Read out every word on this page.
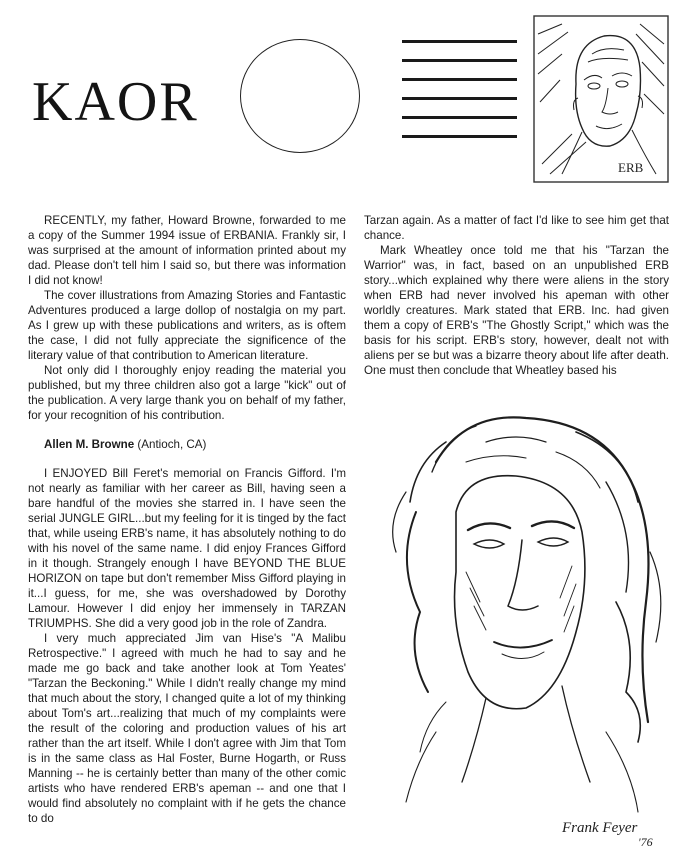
KAOR
ERB

RECENTLY, my father, Howard Browne, forwarded to me a copy of the Summer 1994 issue of ERBANIA. Frankly sir, I was surprised at the amount of information printed about my dad. Please don't tell him I said so, but there was information I did not know!

The cover illustrations from Amazing Stories and Fantastic Adventures produced a large dollop of nostalgia on my part. As I grew up with these publications and writers, as is oftem the case, I did not fully appreciate the significence of the literary value of that contribution to American literature.

Not only did I thoroughly enjoy reading the material you published, but my three children also got a large "kick" out of the publication. A very large thank you on behalf of my father, for your recognition of his contribution.

Allen M. Browne (Antioch, CA)

I ENJOYED Bill Feret's memorial on Francis Gifford. I'm not nearly as familiar with her career as Bill, having seen a bare handful of the movies she starred in. I have seen the serial JUNGLE GIRL...but my feeling for it is tinged by the fact that, while useing ERB's name, it has absolutely nothing to do with his novel of the same name. I did enjoy Frances Gifford in it though. Strangely enough I have BEYOND THE BLUE HORIZON on tape but don't remember Miss Gifford playing in it...I guess, for me, she was overshadowed by Dorothy Lamour. However I did enjoy her immensely in TARZAN TRIUMPHS. She did a very good job in the role of Zandra.

I very much appreciated Jim van Hise's "A Malibu Retrospective." I agreed with much he had to say and he made me go back and take another look at Tom Yeates' "Tarzan the Beckoning." While I didn't really change my mind that much about the story, I changed quite a lot of my thinking about Tom's art...realizing that much of my complaints were the result of the coloring and production values of his art rather than the art itself. While I don't agree with Jim that Tom is in the same class as Hal Foster, Burne Hogarth, or Russ Manning -- he is certainly better than many of the other comic artists who have rendered ERB's apeman -- and one that I would find absolutely no complaint with if he gets the chance to do

Tarzan again. As a matter of fact I'd like to see him get that chance.

Mark Wheatley once told me that his "Tarzan the Warrior" was, in fact, based on an unpublished ERB story...which explained why there were aliens in the story when ERB had never involved his apeman with other worldly creatures. Mark stated that ERB. Inc. had given them a copy of ERB's "The Ghostly Script," which was the basis for his script. ERB's story, however, dealt not with aliens per se but was a bizarre theory about life after death. One must then conclude that Wheatley based his

Frank Feyer
'76
